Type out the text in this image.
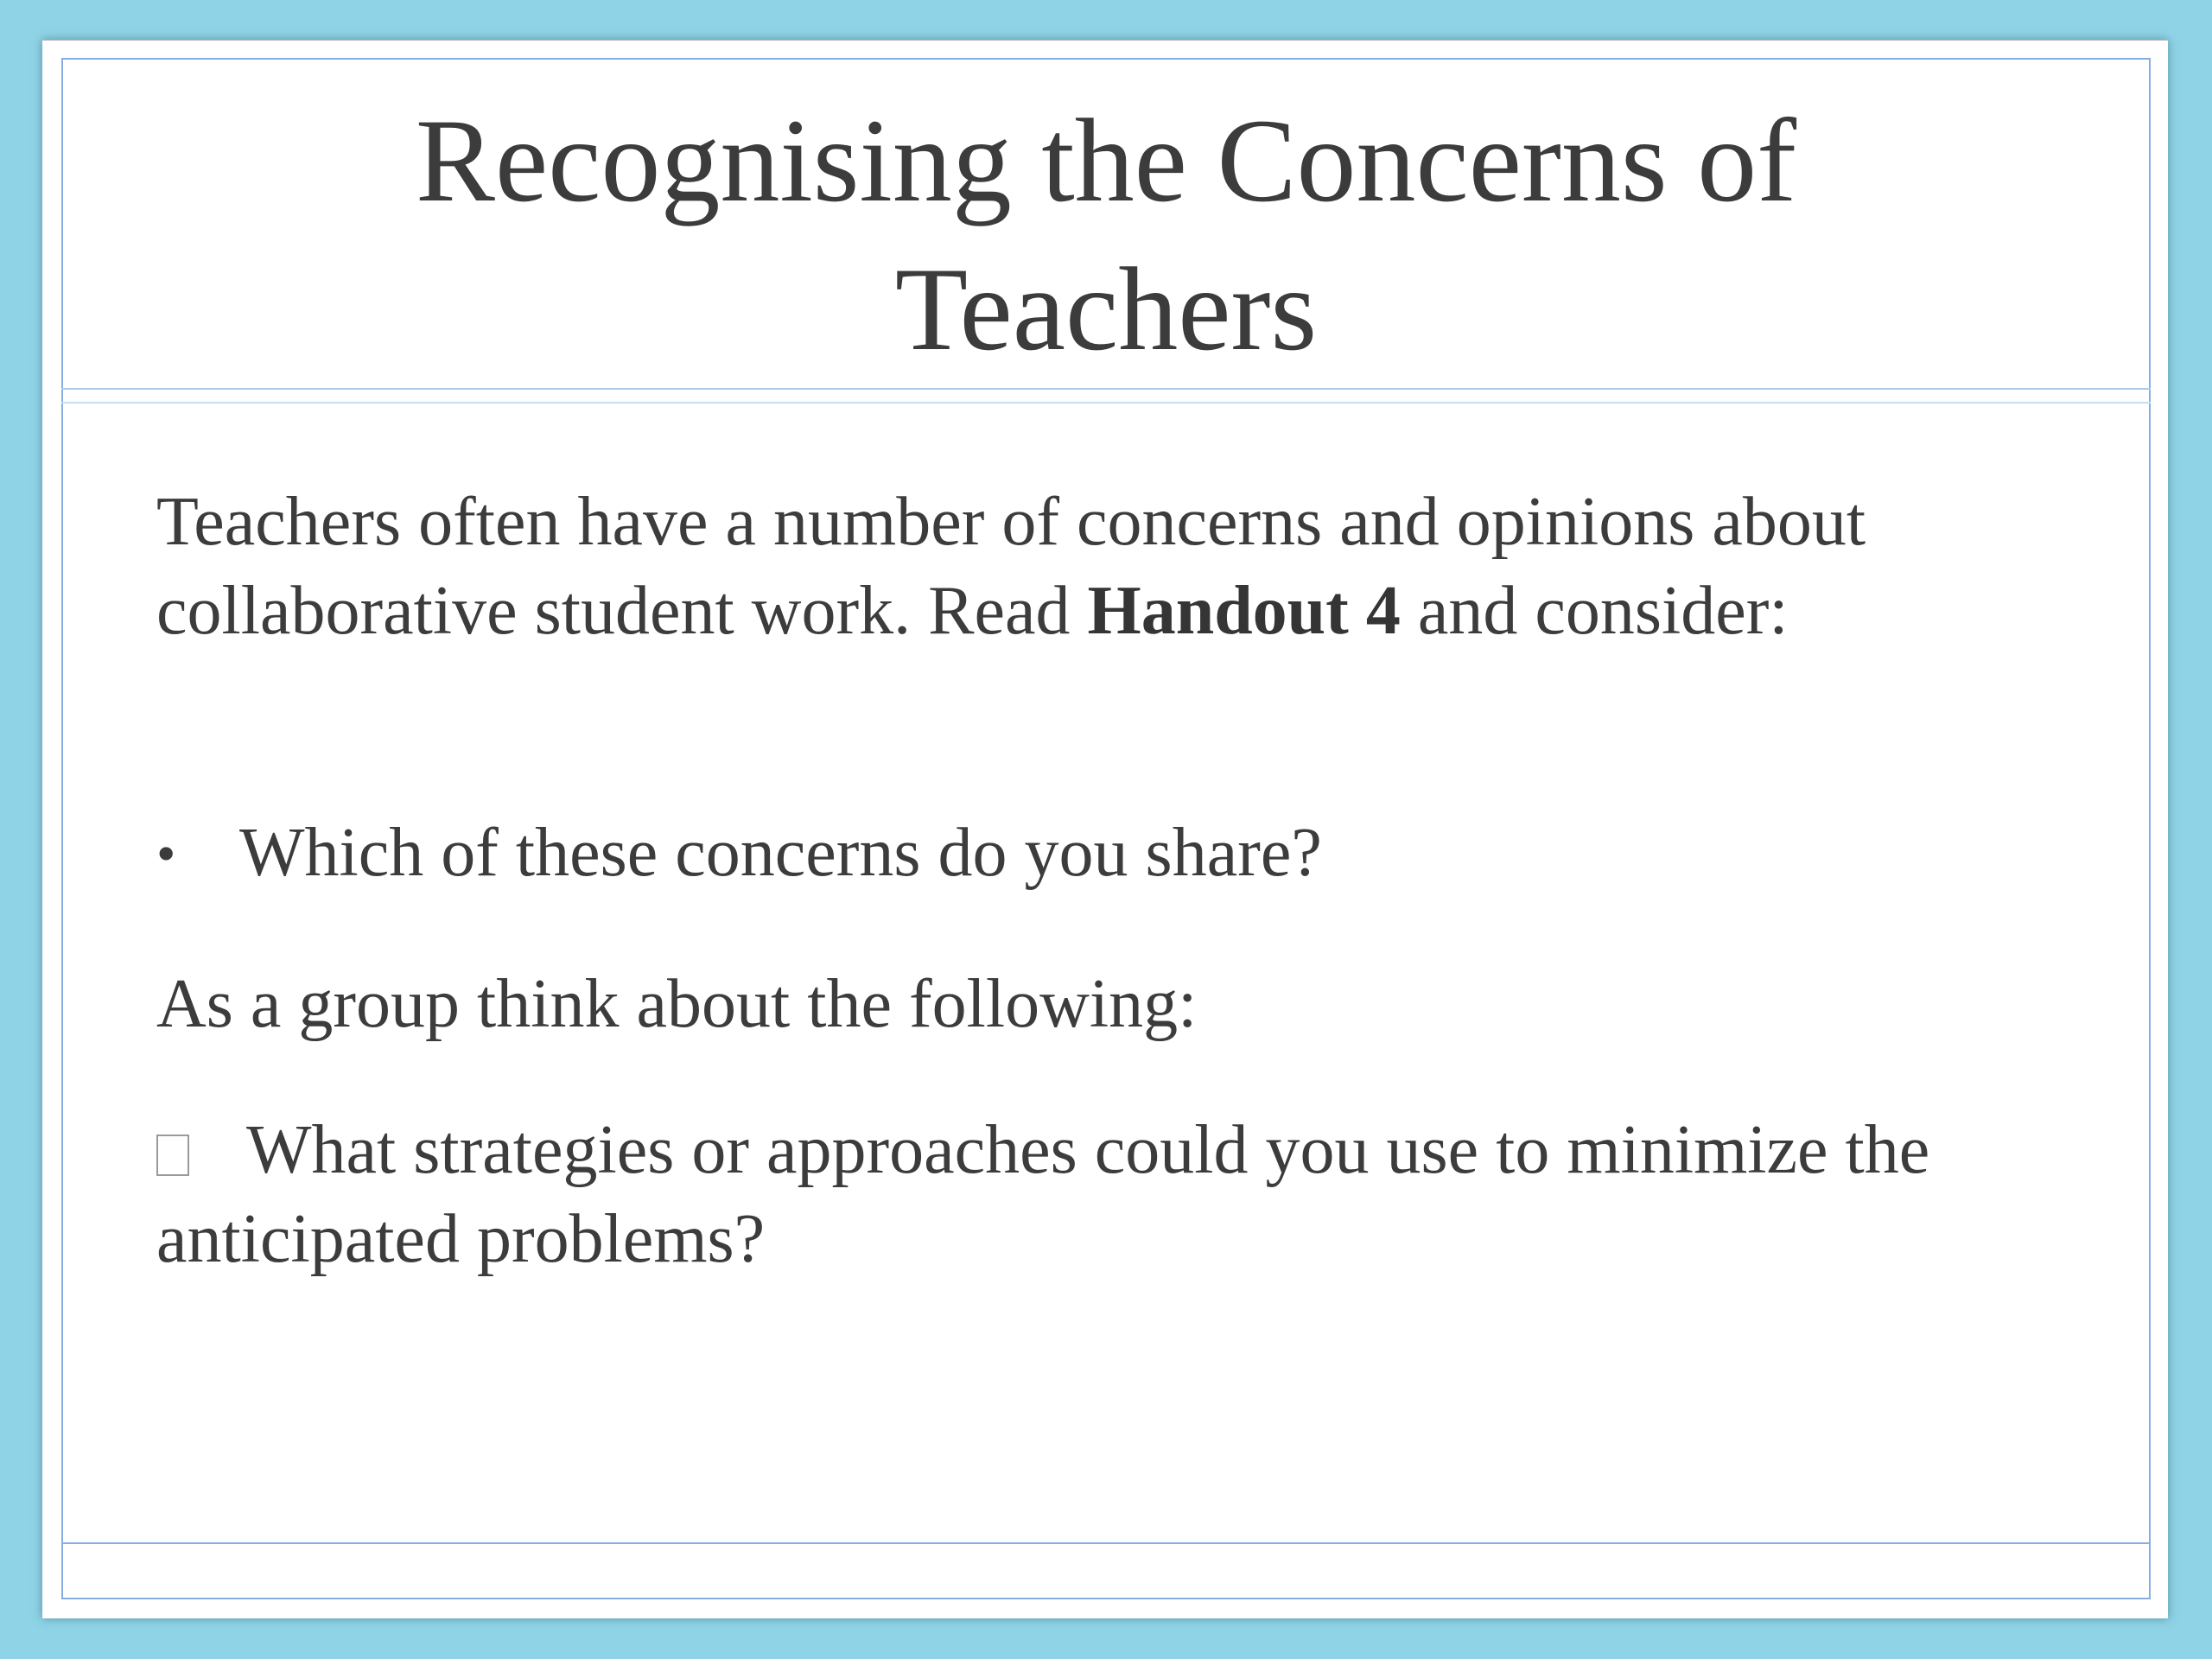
Recognising the Concerns of
Teachers

Teachers often have a number of concerns and opinions about collaborative student work. Read Handout 4 and consider:

• Which of these concerns do you share?
As a group think about the following:
What strategies or approaches could you use to minimize the anticipated problems?
